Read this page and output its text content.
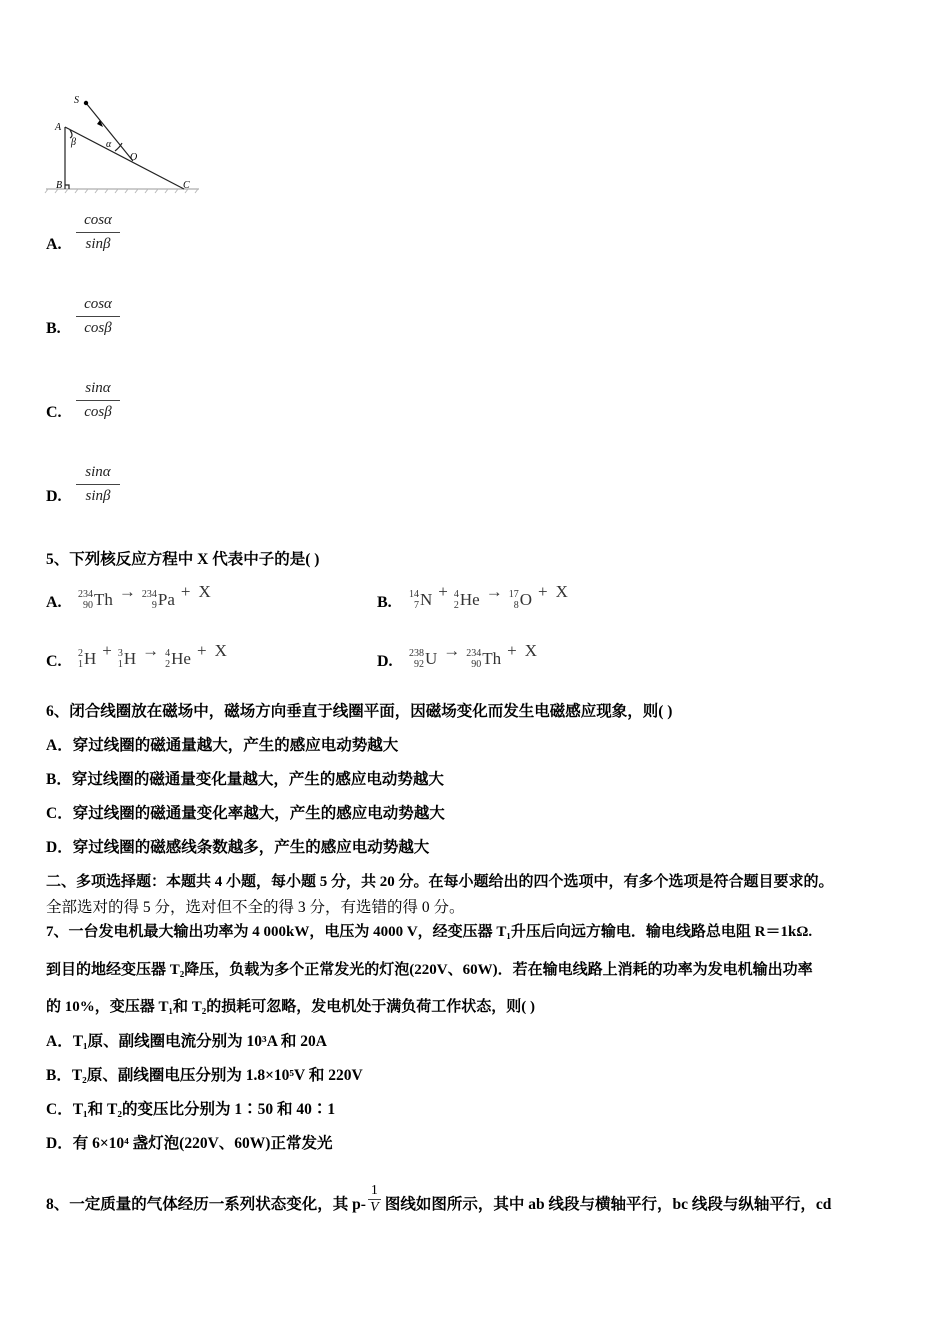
S
A
B	C
O
α
β
A. $\frac{\cos\alpha}{\sin\beta}$
B. $\frac{\cos\alpha}{\cos\beta}$
C. $\frac{\sin\alpha}{\cos\beta}$
D. $\frac{\sin\alpha}{\sin\beta}$
5、下列核反应方程中 X 代表中子的是( )
A. 234
90 Th → 234
9 Pa + X
B. 14
7 N + 4
2 He → 17
8 O + X
C. 2
1 H + 3
1 H → 4
2 He + X
D. 238
92 U → 234
90 Th + X
6、闭合线圈放在磁场中，磁场方向垂直于线圈平面，因磁场变化而发生电磁感应现象，则( )
A．穿过线圈的磁通量越大，产生的感应电动势越大
B．穿过线圈的磁通量变化量越大，产生的感应电动势越大
C．穿过线圈的磁通量变化率越大，产生的感应电动势越大
D．穿过线圈的磁感线条数越多，产生的感应电动势越大
二、多项选择题：本题共 4 小题，每小题 5 分，共 20 分。在每小题给出的四个选项中，有多个选项是符合题目要求的。
全部选对的得 5 分，选对但不全的得 3 分，有选错的得 0 分。
7、一台发电机最大输出功率为 4 000kW，电压为 4000 V，经变压器 T₁升压后向远方输电．输电线路总电阻 R＝1kΩ.
到目的地经变压器 T₂降压，负载为多个正常发光的灯泡(220V、60W)．若在输电线路上消耗的功率为发电机输出功率
的 10%，变压器 T₁和 T₂的损耗可忽略，发电机处于满负荷工作状态，则( )
A．T₁原、副线圈电流分别为 10³A 和 20A
B．T₂原、副线圈电压分别为 1.8×10⁵V 和 220V
C．T₁和 T₂的变压比分别为 1∶50 和 40∶1
D．有 6×10⁴ 盏灯泡(220V、60W)正常发光
8、一定质量的气体经历一系列状态变化，其 $p- \frac{1}{V}$ 图线如图所示，其中 ab 线段与横轴平行，bc 线段与纵轴平行，cd
